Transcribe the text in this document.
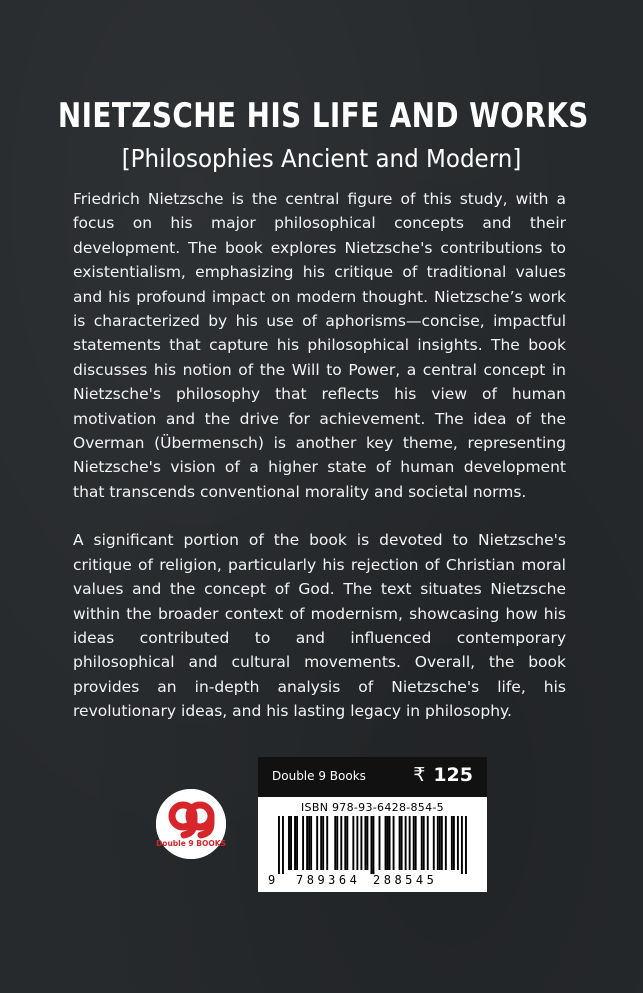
NIETZSCHE HIS LIFE AND WORKS
[Philosophies Ancient and Modern]

Friedrich Nietzsche is the central figure of this study, with a focus on his major philosophical concepts and their development. The book explores Nietzsche's contributions to existentialism, emphasizing his critique of traditional values and his profound impact on modern thought. Nietzsche’s work is characterized by his use of aphorisms—concise, impactful statements that capture his philosophical insights. The book discusses his notion of the Will to Power, a central concept in Nietzsche's philosophy that reflects his view of human motivation and the drive for achievement. The idea of the Overman (Übermensch) is another key theme, representing Nietzsche's vision of a higher state of human development that transcends conventional morality and societal norms.

A significant portion of the book is devoted to Nietzsche's critique of religion, particularly his rejection of Christian moral values and the concept of God. The text situates Nietzsche within the broader context of modernism, showcasing how his ideas contributed to and influenced contemporary philosophical and cultural movements. Overall, the book provides an in-depth analysis of Nietzsche's life, his revolutionary ideas, and his lasting legacy in philosophy.

Double 9 BOOKS
Double 9 Books ₹ 125
ISBN 978-93-6428-854-5
9 789364 288545
